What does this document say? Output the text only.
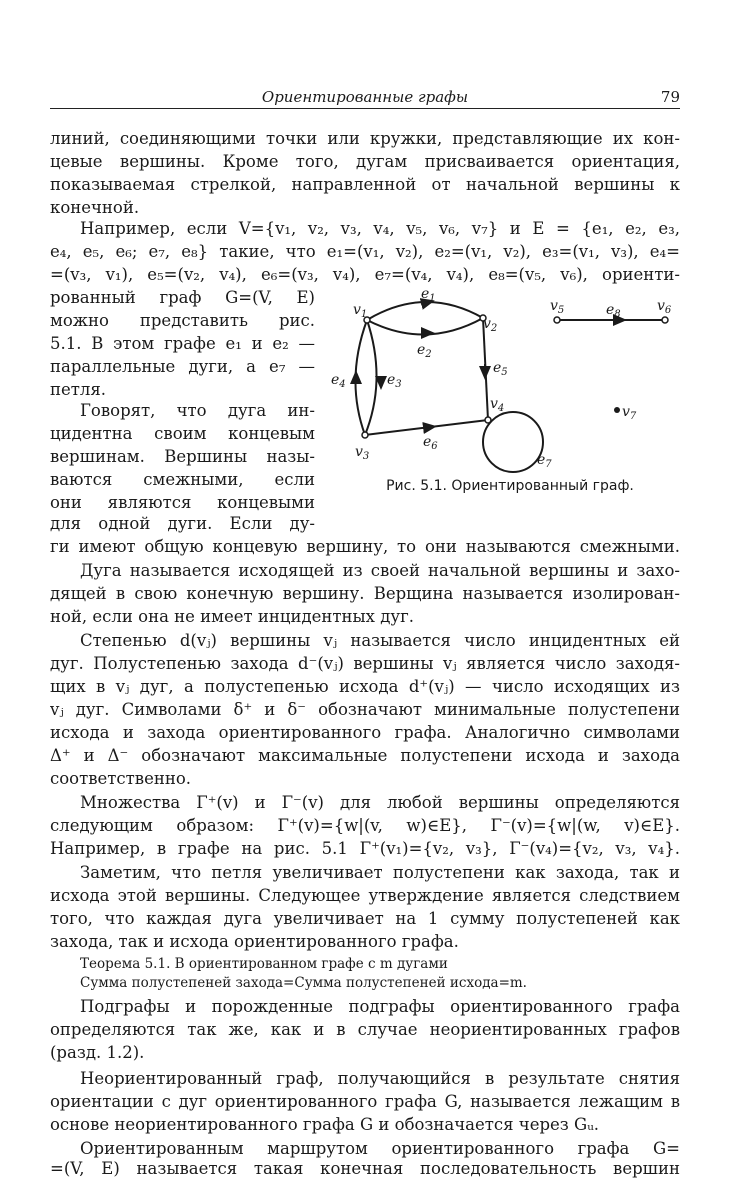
Ориентированные графы	79
линий, соединяющими точки или кружки, представляющие их кон-
цевые вершины. Кроме того, дугам присваивается ориентация,
показываемая стрелкой, направленной от начальной вершины к
конечной.
Например, если V={v₁, v₂, v₃, v₄, v₅, v₆, v₇} и E = {e₁, e₂, e₃,
e₄, e₅, e₆; e₇, e₈} такие, что e₁=(v₁, v₂), e₂=(v₁, v₂), e₃=(v₁, v₃), e₄=
=(v₃, v₁), e₅=(v₂, v₄), e₆=(v₃, v₄), e₇=(v₄, v₄), e₈=(v₅, v₆), ориенти-
рованный граф G=(V, E)
можно представить рис.
5.1. В этом графе e₁ и e₂ —
параллельные дуги, а e₇ —
петля.
Говорят, что дуга ин-
цидентна своим концевым
вершинам. Вершины назы-
ваются смежными, если
они являются концевыми
для одной дуги. Если ду-
ги имеют общую концевую вершину, то они называются смежными.
$v_1$
$v_2$
$v_3$
$v_4$
$v_5$	$v_6$
$v_7$
$e_1$
$e_2$
$e_3$
$e_4$
$e_5$
$e_6$
$e_7$
$e_8$
Рис. 5.1. Ориентированный граф.
Дуга называется исходящей из своей начальной вершины и захо-
дящей в свою конечную вершину. Верщина называется изолирован-
ной, если она не имеет инцидентных дуг.
Степенью d(vⱼ) вершины vⱼ называется число инцидентных ей
дуг. Полустепенью захода d⁻(vⱼ) вершины vⱼ является число заходя-
щих в vⱼ дуг, а полустепенью исхода d⁺(vⱼ) — число исходящих из
vⱼ дуг. Символами δ⁺ и δ⁻ обозначают минимальные полустепени
исхода и захода ориентированного графа. Аналогично символами
Δ⁺ и Δ⁻ обозначают максимальные полустепени исхода и захода
соответственно.
Множества Γ⁺(v) и Γ⁻(v) для любой вершины определяются
следующим образом: Γ⁺(v)={w|(v, w)∈E}, Γ⁻(v)={w|(w, v)∈E}.
Например, в графе на рис. 5.1 Γ⁺(v₁)={v₂, v₃}, Γ⁻(v₄)={v₂, v₃, v₄}.
Заметим, что петля увеличивает полустепени как захода, так и
исхода этой вершины. Следующее утверждение является следствием
того, что каждая дуга увеличивает на 1 сумму полустепеней как
захода, так и исхода ориентированного графа.
Теорема 5.1. В ориентированном графе с m дугами
Сумма полустепеней захода=Сумма полустепеней исхода=m.
Подграфы и порожденные подграфы ориентированного графа
определяются так же, как и в случае неориентированных графов
(разд. 1.2).
Неориентированный граф, получающийся в результате снятия
ориентации с дуг ориентированного графа G, называется лежащим в
основе неориентированного графа G и обозначается через Gᵤ.
Ориентированным маршрутом ориентированного графа G=
=(V, E) называется такая конечная последовательность вершин
